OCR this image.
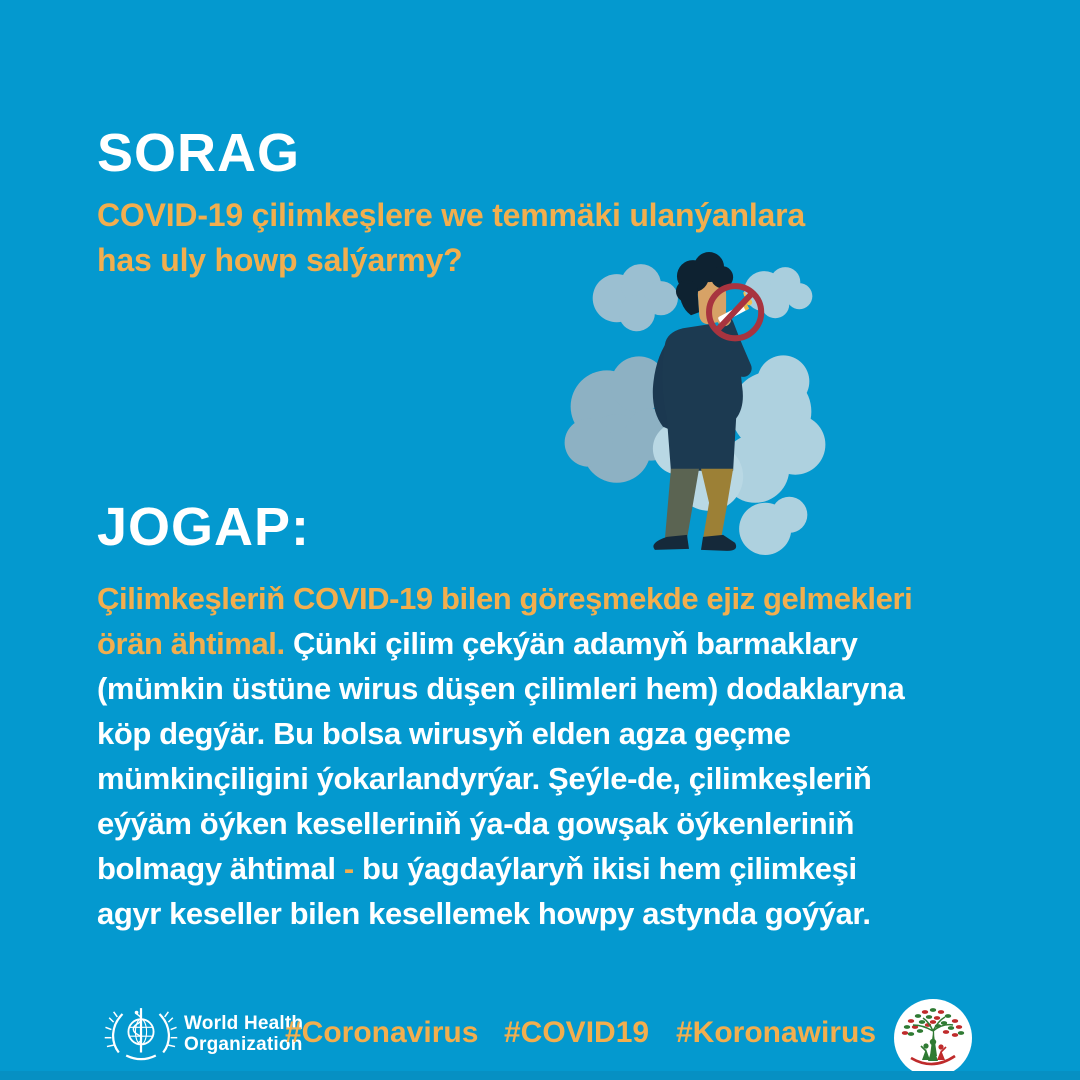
SORAG
COVID-19 çilimkeşlere we temmäki ulanýanlara
has uly howp salýarmy?
JOGAP:
Çilimkeşleriň COVID-19 bilen göreşmekde ejiz gelmekleri
örän ähtimal. Çünki çilim çekýän adamyň barmaklary
(mümkin üstüne wirus düşen çilimleri hem) dodaklaryna
köp degýär. Bu bolsa wirusyň elden agza geçme
mümkinçiligini ýokarlandyrýar. Şeýle-de, çilimkeşleriň
eýýäm öýken keselleriniň ýa-da gowşak öýkenleriniň
bolmagy ähtimal - bu ýagdaýlaryň ikisi hem çilimkeşi
agyr keseller bilen kesellemek howpy astynda goýýar.
World Health
Organization
#Coronavirus #COVID19 #Koronawirus
